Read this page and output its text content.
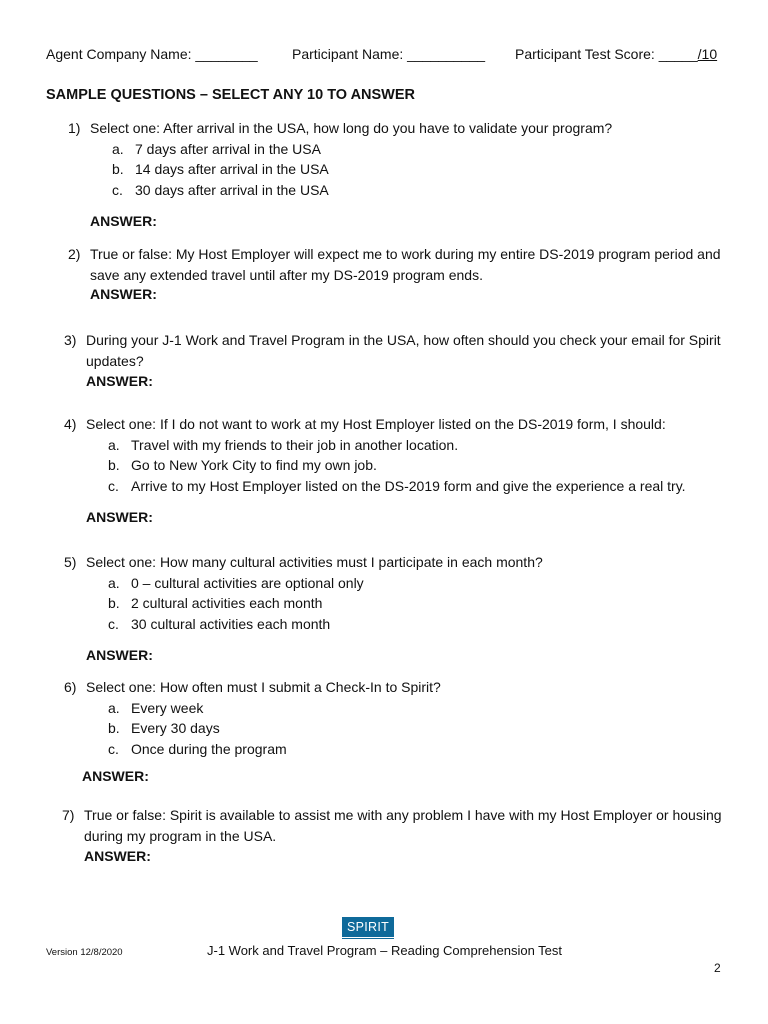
Agent Company Name: ________ Participant Name: __________ Participant Test Score: _____/10
SAMPLE QUESTIONS – SELECT ANY 10 TO ANSWER
1) Select one: After arrival in the USA, how long do you have to validate your program?
a. 7 days after arrival in the USA
b. 14 days after arrival in the USA
c. 30 days after arrival in the USA
ANSWER:
2) True or false: My Host Employer will expect me to work during my entire DS-2019 program period and save any extended travel until after my DS-2019 program ends.
ANSWER:
3) During your J-1 Work and Travel Program in the USA, how often should you check your email for Spirit updates?
ANSWER:
4) Select one: If I do not want to work at my Host Employer listed on the DS-2019 form, I should:
a. Travel with my friends to their job in another location.
b. Go to New York City to find my own job.
c. Arrive to my Host Employer listed on the DS-2019 form and give the experience a real try.
ANSWER:
5) Select one: How many cultural activities must I participate in each month?
a. 0 – cultural activities are optional only
b. 2 cultural activities each month
c. 30 cultural activities each month
ANSWER:
6) Select one: How often must I submit a Check-In to Spirit?
a. Every week
b. Every 30 days
c. Once during the program
ANSWER:
7) True or false: Spirit is available to assist me with any problem I have with my Host Employer or housing during my program in the USA.
ANSWER:
SPIRIT
Version 12/8/2020	J-1 Work and Travel Program – Reading Comprehension Test
2
